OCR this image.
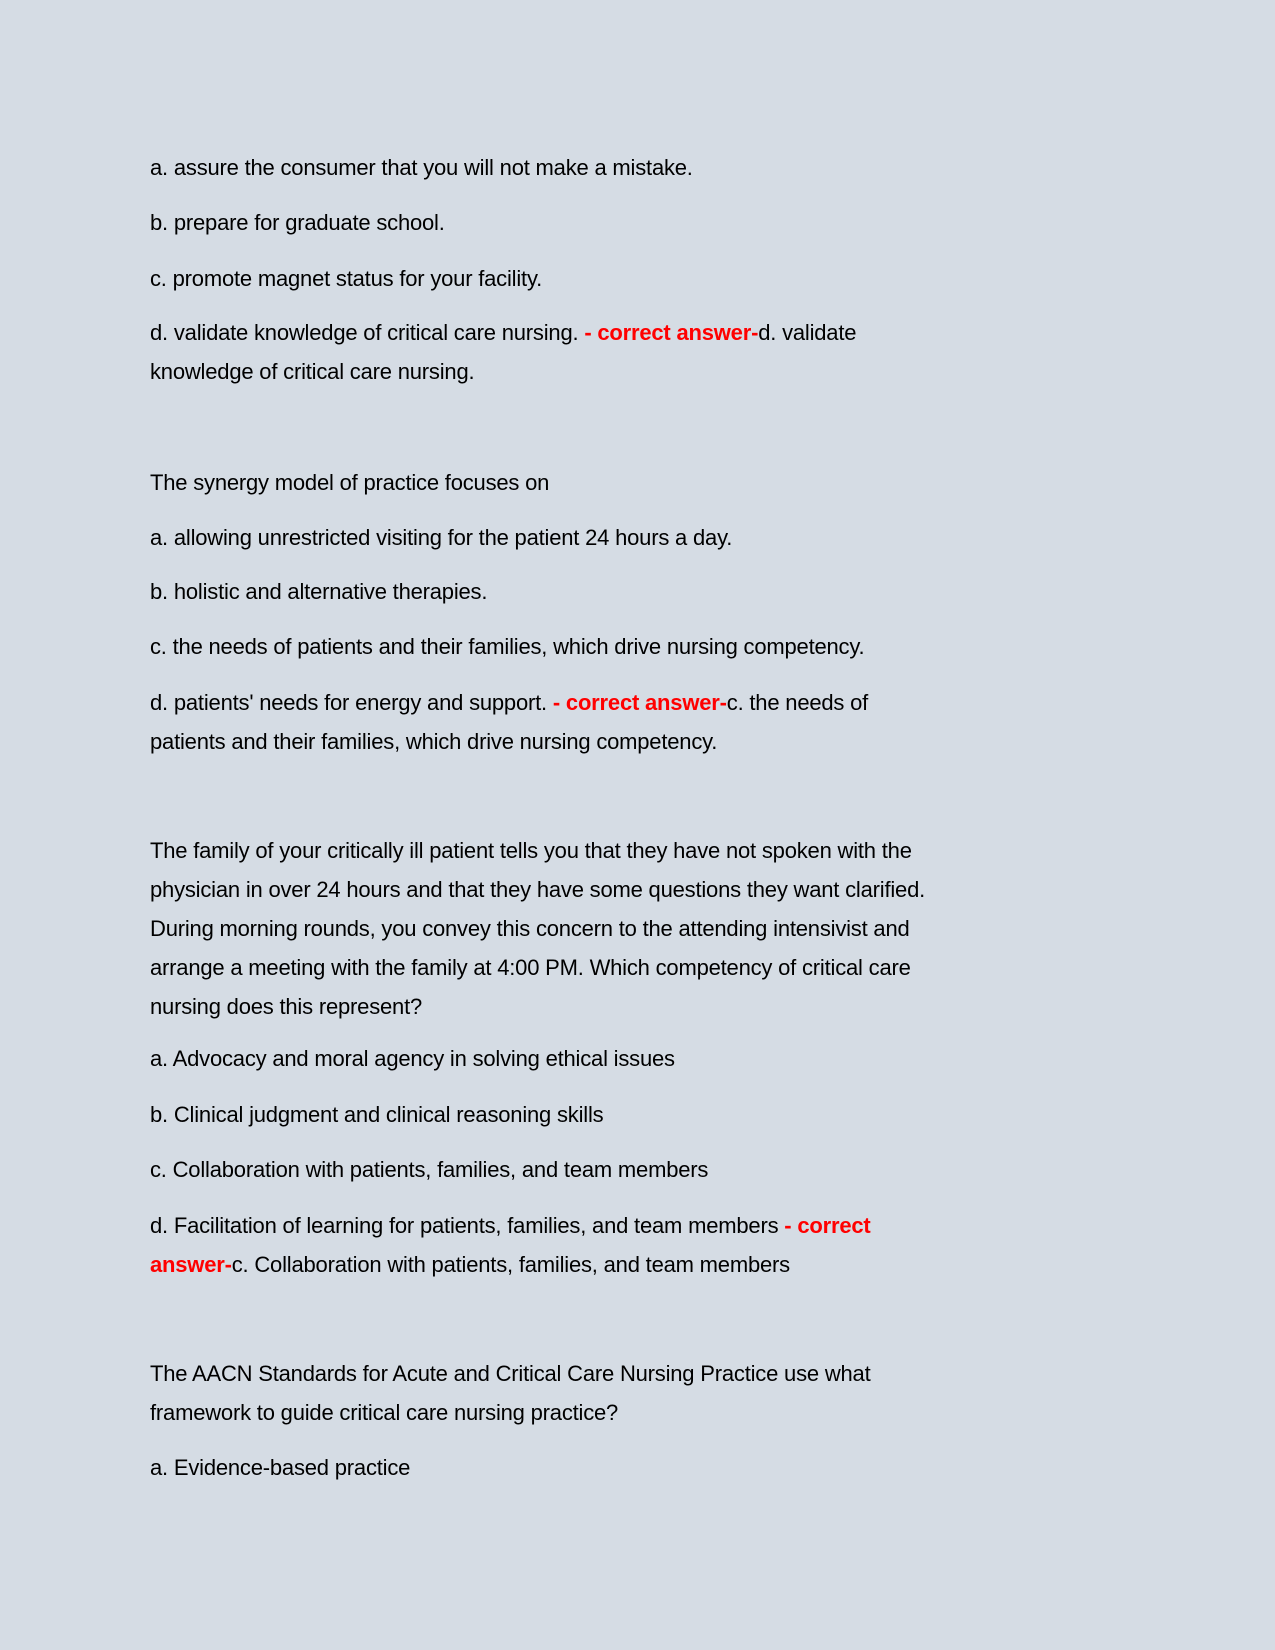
a. assure the consumer that you will not make a mistake.
b. prepare for graduate school.
c. promote magnet status for your facility.
d. validate knowledge of critical care nursing. - correct answer-d. validate
knowledge of critical care nursing.
The synergy model of practice focuses on
a. allowing unrestricted visiting for the patient 24 hours a day.
b. holistic and alternative therapies.
c. the needs of patients and their families, which drive nursing competency.
d. patients' needs for energy and support. - correct answer-c. the needs of
patients and their families, which drive nursing competency.
The family of your critically ill patient tells you that they have not spoken with the
physician in over 24 hours and that they have some questions they want clarified.
During morning rounds, you convey this concern to the attending intensivist and
arrange a meeting with the family at 4:00 PM. Which competency of critical care
nursing does this represent?
a. Advocacy and moral agency in solving ethical issues
b. Clinical judgment and clinical reasoning skills
c. Collaboration with patients, families, and team members
d. Facilitation of learning for patients, families, and team members - correct
answer-c. Collaboration with patients, families, and team members
The AACN Standards for Acute and Critical Care Nursing Practice use what
framework to guide critical care nursing practice?
a. Evidence-based practice
